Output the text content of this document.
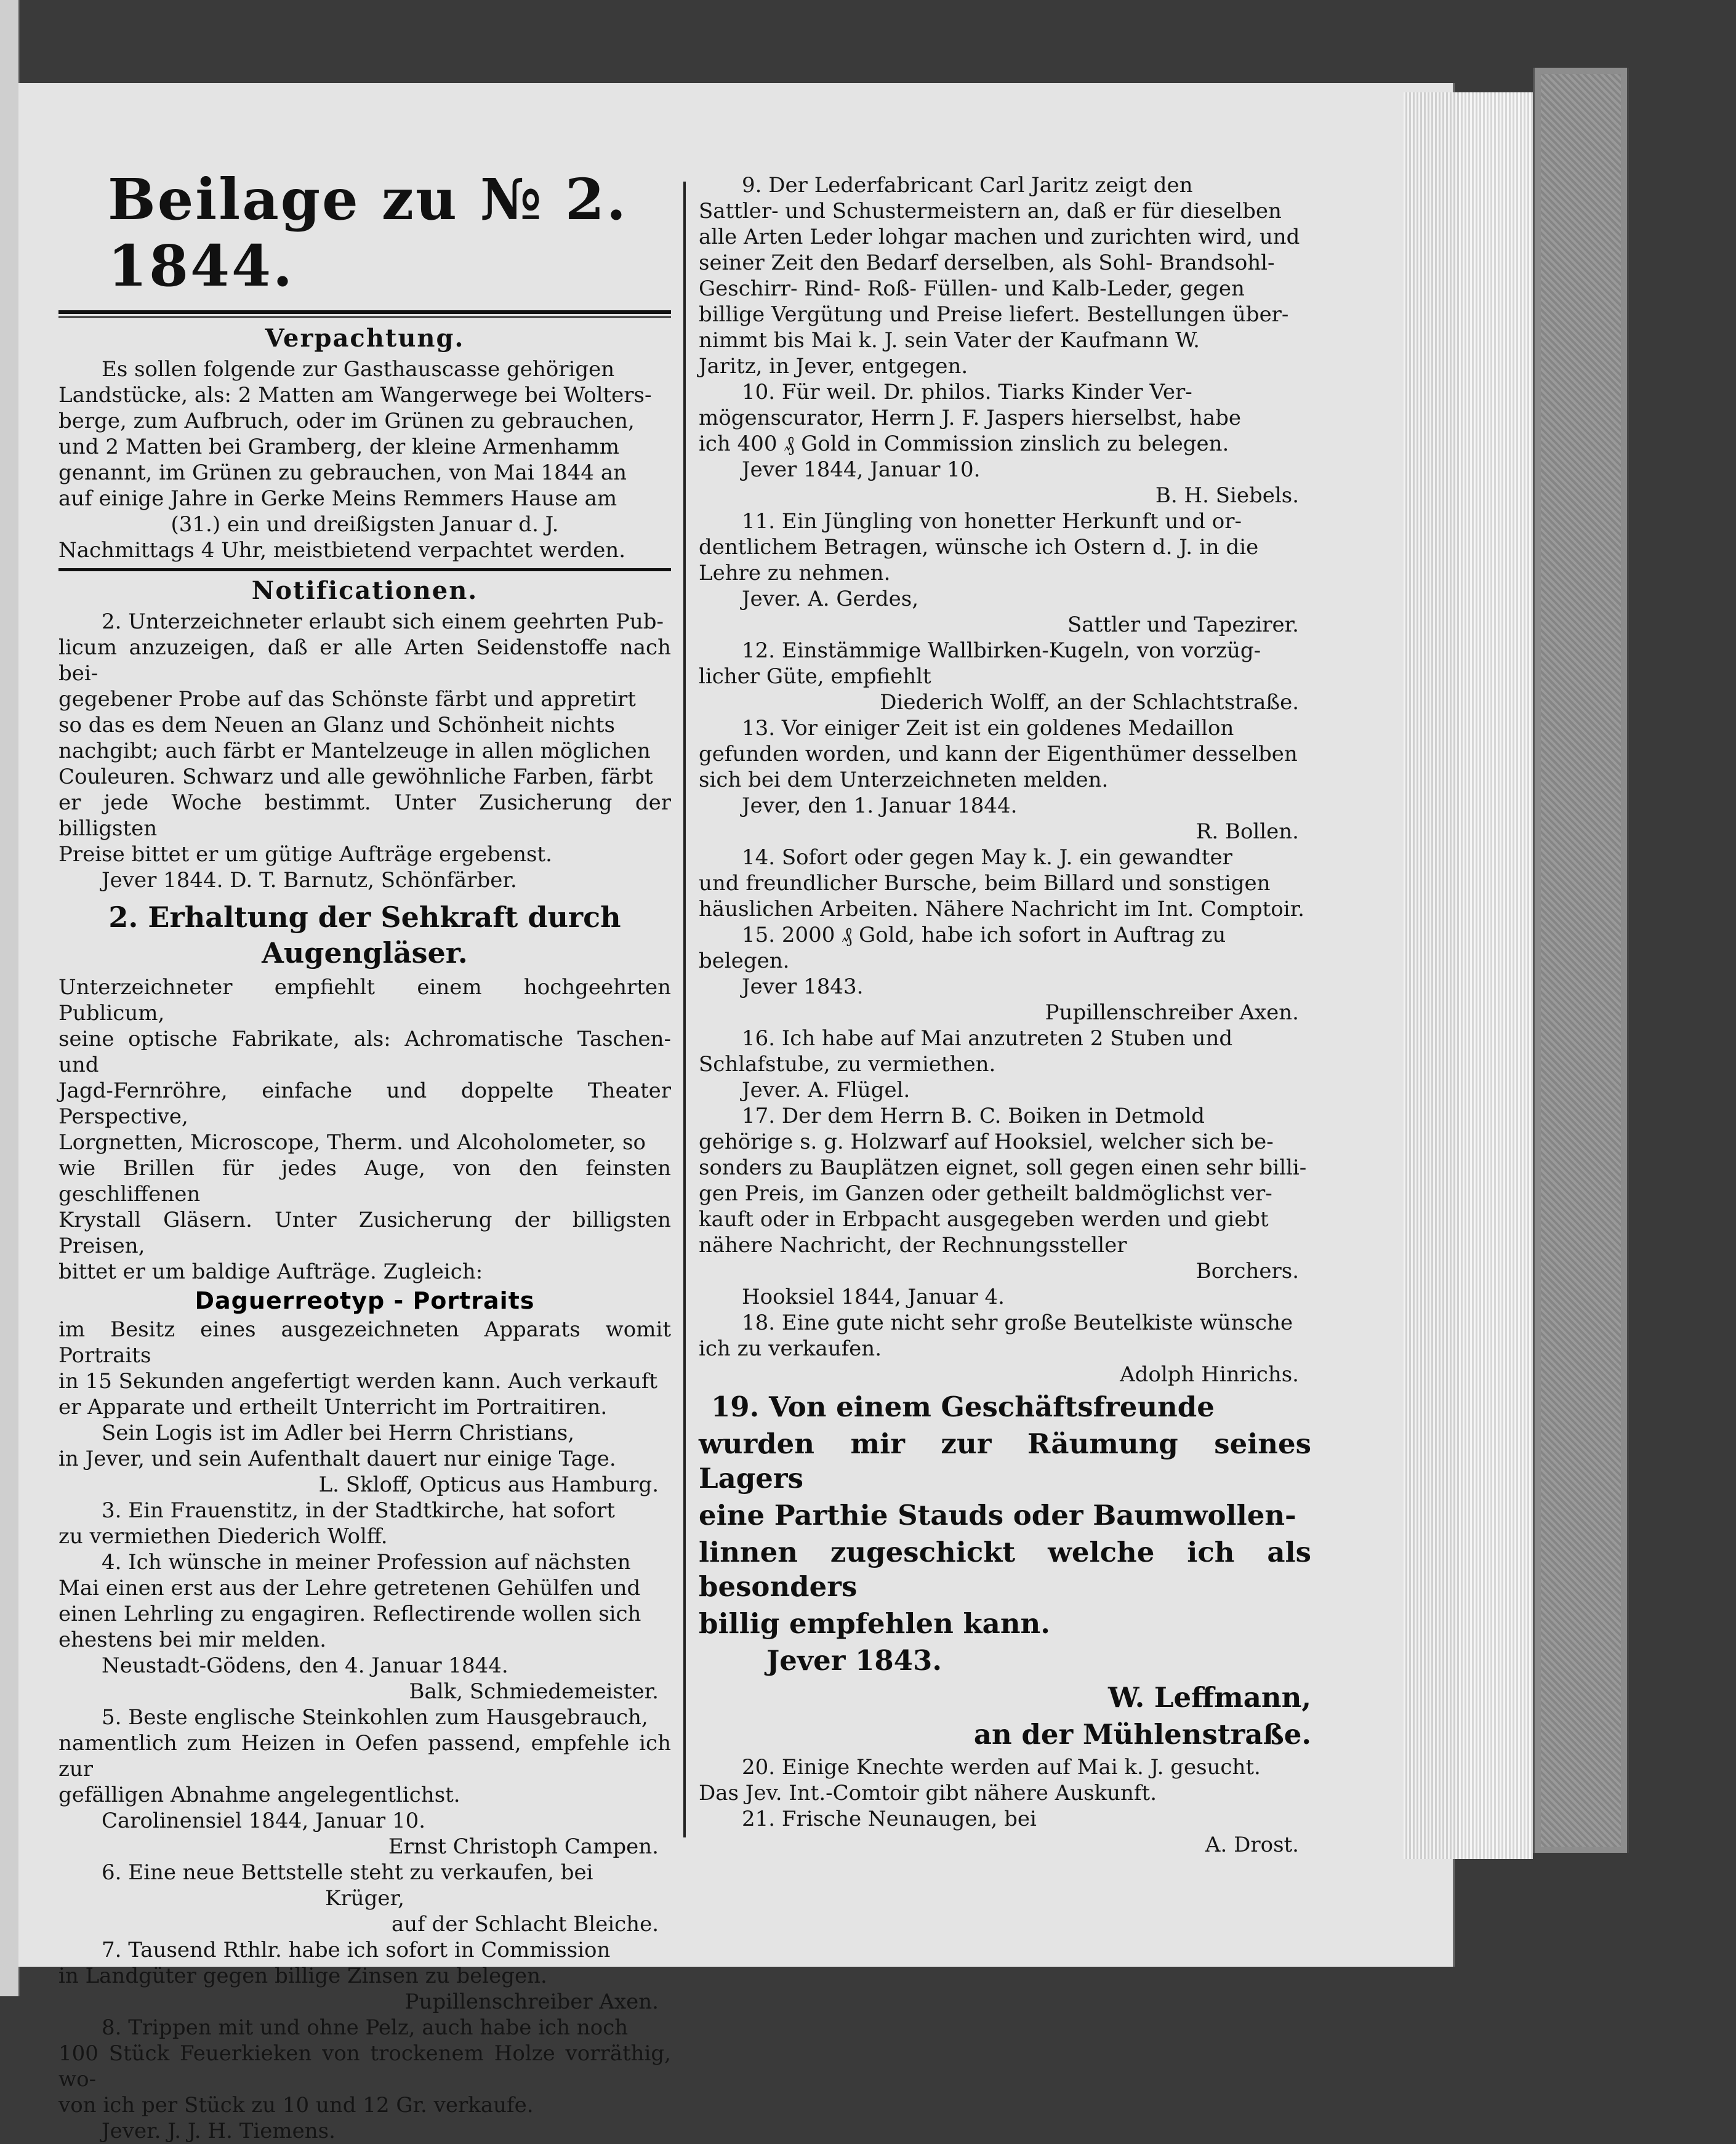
Beilage zu № 2. 1844.
Verpachtung.

Es sollen folgende zur Gasthauscasse gehörigen

Landstücke, als: 2 Matten am Wangerwege bei Wolters-

berge, zum Aufbruch, oder im Grünen zu gebrauchen,

und 2 Matten bei Gramberg, der kleine Armenhamm

genannt, im Grünen zu gebrauchen, von Mai 1844 an

auf einige Jahre in Gerke Meins Remmers Hause am

(31.) ein und dreißigsten Januar d. J.

Nachmittags 4 Uhr, meistbietend verpachtet werden.

Notificationen.

2. Unterzeichneter erlaubt sich einem geehrten Pub-

licum anzuzeigen, daß er alle Arten Seidenstoffe nach bei-

gegebener Probe auf das Schönste färbt und appretirt

so das es dem Neuen an Glanz und Schönheit nichts

nachgibt; auch färbt er Mantelzeuge in allen möglichen

Couleuren. Schwarz und alle gewöhnliche Farben, färbt

er jede Woche bestimmt. Unter Zusicherung der billigsten

Preise bittet er um gütige Aufträge ergebenst.

Jever 1844. D. T. Barnutz, Schönfärber.

2. Erhaltung der Sehkraft durch
Augengläser.

Unterzeichneter empfiehlt einem hochgeehrten Publicum,

seine optische Fabrikate, als: Achromatische Taschen- und

Jagd-Fernröhre, einfache und doppelte Theater Perspective,

Lorgnetten, Microscope, Therm. und Alcoholometer, so

wie Brillen für jedes Auge, von den feinsten geschliffenen

Krystall Gläsern. Unter Zusicherung der billigsten Preisen,

bittet er um baldige Aufträge. Zugleich:

Daguerreotyp - Portraits

im Besitz eines ausgezeichneten Apparats womit Portraits

in 15 Sekunden angefertigt werden kann. Auch verkauft

er Apparate und ertheilt Unterricht im Portraitiren.

Sein Logis ist im Adler bei Herrn Christians,

in Jever, und sein Aufenthalt dauert nur einige Tage.

L. Skloff, Opticus aus Hamburg.

3. Ein Frauenstitz, in der Stadtkirche, hat sofort

zu vermiethen Diederich Wolff.

4. Ich wünsche in meiner Profession auf nächsten

Mai einen erst aus der Lehre getretenen Gehülfen und

einen Lehrling zu engagiren. Reflectirende wollen sich

ehestens bei mir melden.

Neustadt-Gödens, den 4. Januar 1844.

Balk, Schmiedemeister.

5. Beste englische Steinkohlen zum Hausgebrauch,

namentlich zum Heizen in Oefen passend, empfehle ich zur

gefälligen Abnahme angelegentlichst.

Carolinensiel 1844, Januar 10.

Ernst Christoph Campen.

6. Eine neue Bettstelle steht zu verkaufen, bei

Krüger,

auf der Schlacht Bleiche.

7. Tausend Rthlr. habe ich sofort in Commission

in Landgüter gegen billige Zinsen zu belegen.

Pupillenschreiber Axen.

8. Trippen mit und ohne Pelz, auch habe ich noch

100 Stück Feuerkieken von trockenem Holze vorräthig, wo-

von ich per Stück zu 10 und 12 Gr. verkaufe.

Jever. J. J. H. Tiemens.

9. Der Lederfabricant Carl Jaritz zeigt den

Sattler- und Schustermeistern an, daß er für dieselben

alle Arten Leder lohgar machen und zurichten wird, und

seiner Zeit den Bedarf derselben, als Sohl- Brandsohl-

Geschirr- Rind- Roß- Füllen- und Kalb-Leder, gegen

billige Vergütung und Preise liefert. Bestellungen über-

nimmt bis Mai k. J. sein Vater der Kaufmann W.

Jaritz, in Jever, entgegen.

10. Für weil. Dr. philos. Tiarks Kinder Ver-

mögenscurator, Herrn J. F. Jaspers hierselbst, habe

ich 400 ₰ Gold in Commission zinslich zu belegen.

Jever 1844, Januar 10.

B. H. Siebels.

11. Ein Jüngling von honetter Herkunft und or-

dentlichem Betragen, wünsche ich Ostern d. J. in die

Lehre zu nehmen.

Jever. A. Gerdes,

Sattler und Tapezirer.

12. Einstämmige Wallbirken-Kugeln, von vorzüg-

licher Güte, empfiehlt

Diederich Wolff, an der Schlachtstraße.

13. Vor einiger Zeit ist ein goldenes Medaillon

gefunden worden, und kann der Eigenthümer desselben

sich bei dem Unterzeichneten melden.

Jever, den 1. Januar 1844.

R. Bollen.

14. Sofort oder gegen May k. J. ein gewandter

und freundlicher Bursche, beim Billard und sonstigen

häuslichen Arbeiten. Nähere Nachricht im Int. Comptoir.

15. 2000 ₰ Gold, habe ich sofort in Auftrag zu

belegen.

Jever 1843.

Pupillenschreiber Axen.

16. Ich habe auf Mai anzutreten 2 Stuben und

Schlafstube, zu vermiethen.

Jever. A. Flügel.

17. Der dem Herrn B. C. Boiken in Detmold

gehörige s. g. Holzwarf auf Hooksiel, welcher sich be-

sonders zu Bauplätzen eignet, soll gegen einen sehr billi-

gen Preis, im Ganzen oder getheilt baldmöglichst ver-

kauft oder in Erbpacht ausgegeben werden und giebt

nähere Nachricht, der Rechnungssteller

Borchers.

Hooksiel 1844, Januar 4.

18. Eine gute nicht sehr große Beutelkiste wünsche

ich zu verkaufen.

Adolph Hinrichs.

19. Von einem Geschäftsfreunde

wurden mir zur Räumung seines Lagers

eine Parthie Stauds oder Baumwollen-

linnen zugeschickt welche ich als besonders

billig empfehlen kann.

Jever 1843.

W. Leffmann,

an der Mühlenstraße.

20. Einige Knechte werden auf Mai k. J. gesucht.

Das Jev. Int.-Comtoir gibt nähere Auskunft.

21. Frische Neunaugen, bei

A. Drost.
